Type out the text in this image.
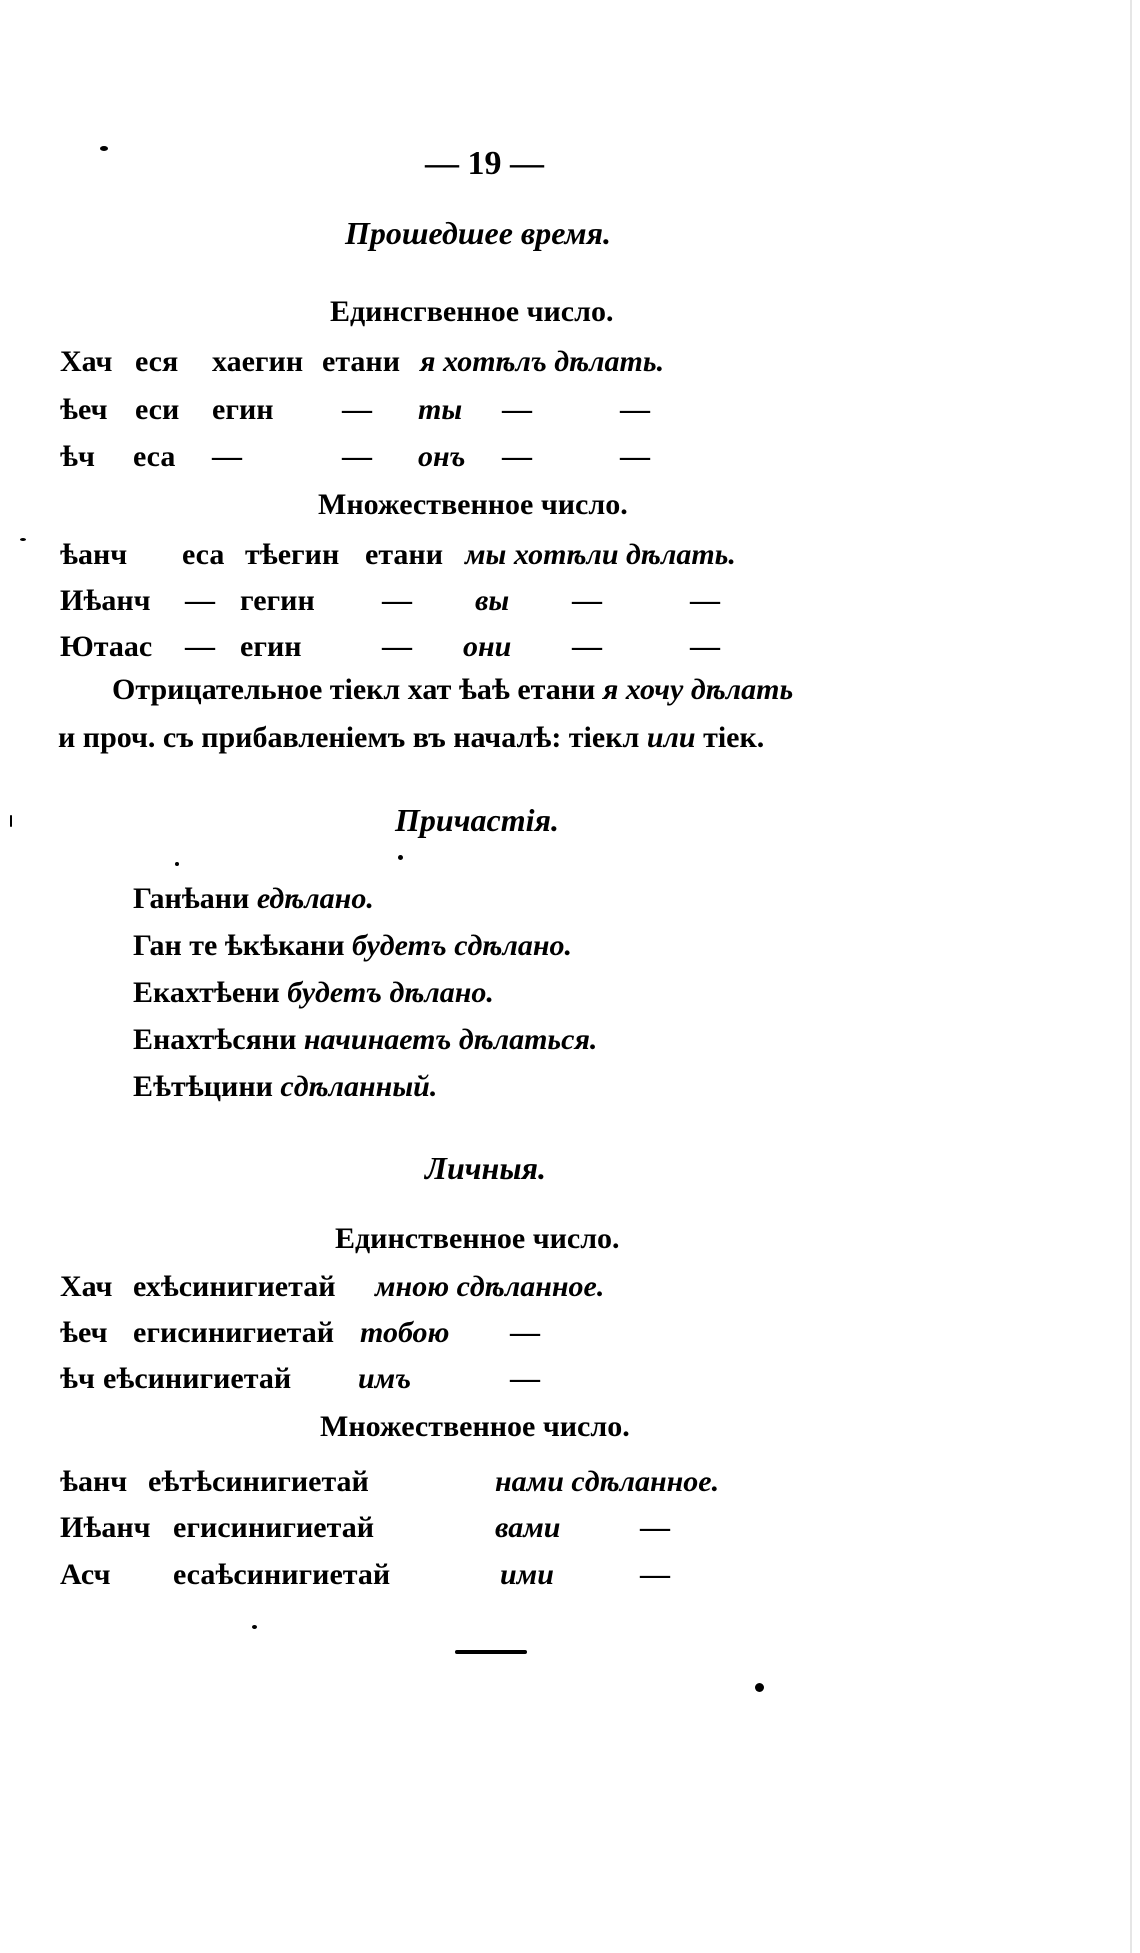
— 19 —
Прошедшее время.
Единсгвенное число.
Хач еся хаегин етани я хотѣлъ дѣлать.
ѣеч еси егин — ты —	—
ѣч еса —	— онъ —	—
Множественное число.
ѣанч еса тѣегин етани мы хотѣли дѣлать.
Иѣанч — гегин — вы —	—
Ютаас — егин	— они —	—
Отрицательное тiекл хат ѣаѣ етани я хочу дѣлать
и проч. съ прибавленіемъ въ началѣ: тiекл или тiек.
Причастія.
Ганѣани едѣлано.
Ган те ѣкѣкани будетъ сдѣлано.
Екахтѣени будетъ дѣлано.
Енахтѣсяни начинаетъ дѣлаться.
Еѣтѣцини сдѣланный.
Личныя.
Единственное число.
Хач ехѣсинигиетай мною сдѣланное.
ѣеч егисинигиетай тобою —
ѣч еѣсинигиетай имъ	—
Множественное число.
ѣанч еѣтѣсинигиетай	нами сдѣланное.
Иѣанч егисинигиетай	вами	—
Асч есаѣсинигиетай	ими	—
